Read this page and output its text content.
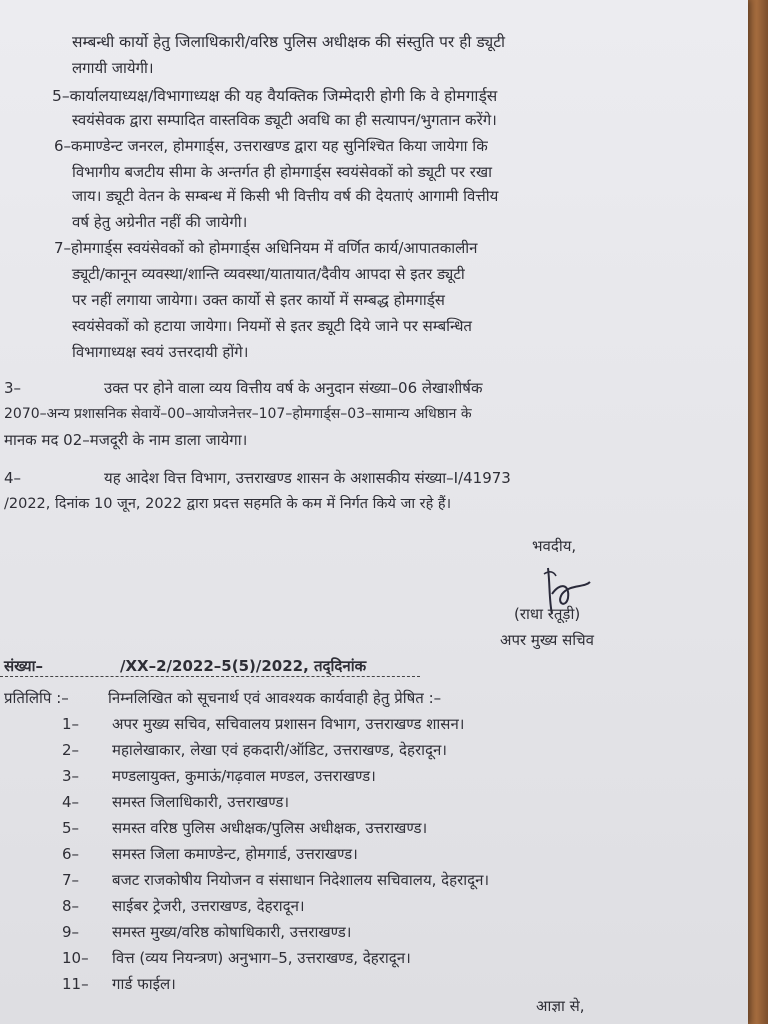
सम्बन्धी कार्यो हेतु जिलाधिकारी/वरिष्ठ पुलिस अधीक्षक की संस्तुति पर ही ड्यूटी
लगायी जायेगी।
5–कार्यालयाध्यक्ष/विभागाध्यक्ष की यह वैयक्तिक जिम्मेदारी होगी कि वे होमगार्ड्स
स्वयंसेवक द्वारा सम्पादित वास्तविक ड्यूटी अवधि का ही सत्यापन/भुगतान करेंगे।
6–कमाण्डेन्ट जनरल, होमगार्ड्स, उत्तराखण्ड द्वारा यह सुनिश्चित किया जायेगा कि
विभागीय बजटीय सीमा के अन्तर्गत ही होमगार्ड्स स्वयंसेवकों को ड्यूटी पर रखा
जाय। ड्यूटी वेतन के सम्बन्ध में किसी भी वित्तीय वर्ष की देयताएं आगामी वित्तीय
वर्ष हेतु अग्रेनीत नहीं की जायेगी।
7–होमगार्ड्स स्वयंसेवकों को होमगार्ड्स अधिनियम में वर्णित कार्य/आपातकालीन
ड्यूटी/कानून व्यवस्था/शान्ति व्यवस्था/यातायात/दैवीय आपदा से इतर ड्यूटी
पर नहीं लगाया जायेगा। उक्त कार्यो से इतर कार्यो में सम्बद्ध होमगार्ड्स
स्वयंसेवकों को हटाया जायेगा। नियमों से इतर ड्यूटी दिये जाने पर सम्बन्धित
विभागाध्यक्ष स्वयं उत्तरदायी होंगे।
3–	उक्त पर होने वाला व्यय वित्तीय वर्ष के अनुदान संख्या–06 लेखाशीर्षक
2070–अन्य प्रशासनिक सेवायें–00–आयोजनेत्तर–107–होमगार्ड्स–03–सामान्य अधिष्ठान के
मानक मद 02–मजदूरी के नाम डाला जायेगा।
4–	यह आदेश वित्त विभाग, उत्तराखण्ड शासन के अशासकीय संख्या–I/41973
/2022, दिनांक 10 जून, 2022 द्वारा प्रदत्त सहमति के कम में निर्गत किये जा रहे हैं।
भवदीय,
(राधा रतूड़ी)
अपर मुख्य सचिव
संख्या–	/XX–2/2022–5(5)/2022, तद्‌दिनांक
प्रतिलिपि :–	निम्नलिखित को सूचनार्थ एवं आवश्यक कार्यवाही हेतु प्रेषित :–
1– अपर मुख्य सचिव, सचिवालय प्रशासन विभाग, उत्तराखण्ड शासन।
2– महालेखाकार, लेखा एवं हकदारी/ऑडिट, उत्तराखण्ड, देहरादून।
3– मण्डलायुक्त, कुमाऊं/गढ़वाल मण्डल, उत्तराखण्ड।
4– समस्त जिलाधिकारी, उत्तराखण्ड।
5– समस्त वरिष्ठ पुलिस अधीक्षक/पुलिस अधीक्षक, उत्तराखण्ड।
6– समस्त जिला कमाण्डेन्ट, होमगार्ड, उत्तराखण्ड।
7– बजट राजकोषीय नियोजन व संसाधान निदेशालय सचिवालय, देहरादून।
8– साईबर ट्रेजरी, उत्तराखण्ड, देहरादून।
9– समस्त मुख्य/वरिष्ठ कोषाधिकारी, उत्तराखण्ड।
10– वित्त (व्यय नियन्त्रण) अनुभाग–5, उत्तराखण्ड, देहरादून।
11– गार्ड फाईल।
आज्ञा से,
